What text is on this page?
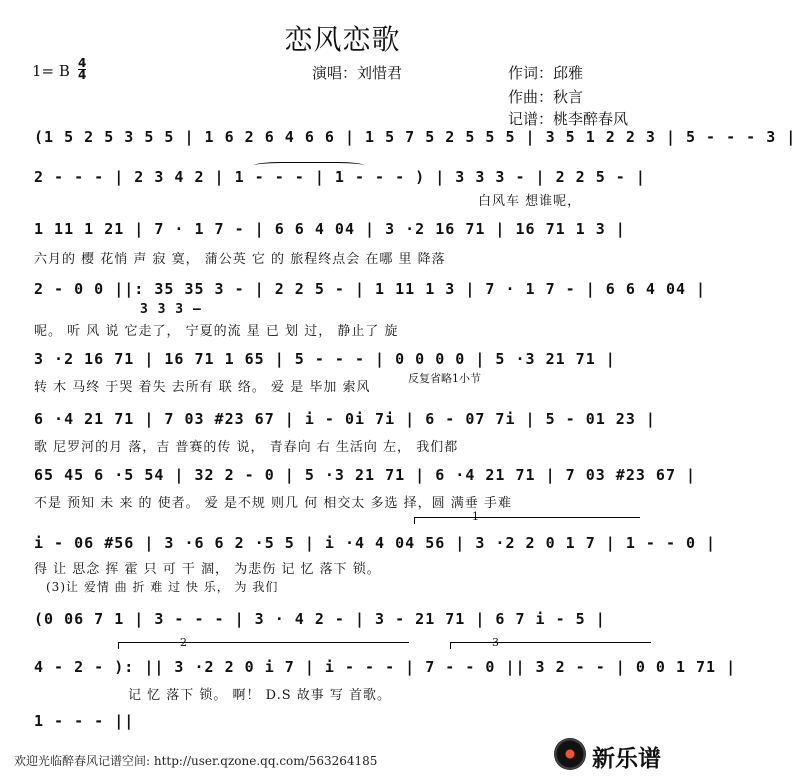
恋风恋歌
1= B 4
4	演唱：刘惜君	作词：邱雅
作曲：秋言
记谱：桃李醉春风
(1 5 2 5 3 5 5 | 1 6 2 6 4 6 6 | 1 5 7 5 2 5 5 5 | 3 5 1 2 2 3 | 5 - - - 3 |
2 - - - | 2 3 4 2 | 1 - - - | 1 - - - ) | 3 3 3 - | 2 2 5 - |
白风车 想谁呢，
1 11 1 21 | 7 · 1 7 - | 6 6 4 04 | 3 ·2 16 71 | 16 71 1 3 |
六月的 樱 花悄 声 寂 寞， 蒲公英 它 的 旅程终点会 在哪 里 降落
2 - 0 0 ||: 35 35 3 - | 2 2 5 - | 1 11 1 3 | 7 · 1 7 - | 6 6 4 04 |
3 3 3 —
呢。 听 风 说 它走了， 宁夏的流 星 已 划 过， 静止了 旋
3 ·2 16 71 | 16 71 1 65 | 5 - - - | 0 0 0 0 | 5 ·3 21 71 |
转 木 马终 于哭 着失 去所有 联 络。 爱 是 毕加 索风
反复省略1小节
6 ·4 21 71 | 7 03 #23 67 | i - 0i 7i | 6 - 07 7i | 5 - 01 23 |
歌 尼罗河的月 落，吉 普赛的传 说， 青春向 右 生活向 左， 我们都
65 45 6 ·5 54 | 32 2 - 0 | 5 ·3 21 71 | 6 ·4 21 71 | 7 03 #23 67 |
不是 预知 未 来 的 使者。 爱 是不规 则几 何 相交太 多选 择，圆 满垂 手难
1
i - 06 #56 | 3 ·6 6 2 ·5 5 | i ·4 4 04 56 | 3 ·2 2 0 1 7 | 1 - - 0 |
得 让 思念 挥 霍 只 可 干 涸， 为悲伤 记 忆 落下 锁。
(3)让 爱情 曲 折 难 过 快 乐， 为 我们
(0 06 7 1 | 3 - - - | 3 · 4 2 - | 3 - 21 71 | 6 7 i - 5 |
2	3
4 - 2 - ): || 3 ·2 2 0 i 7 | i - - - | 7 - - 0 || 3 2 - - | 0 0 1 71 |
记 忆 落下 锁。 啊！ D.S 故事 写 首歌。
1 - - - ||
欢迎光临醉春风记谱空间: http://user.qzone.qq.com/563264185	新乐谱
